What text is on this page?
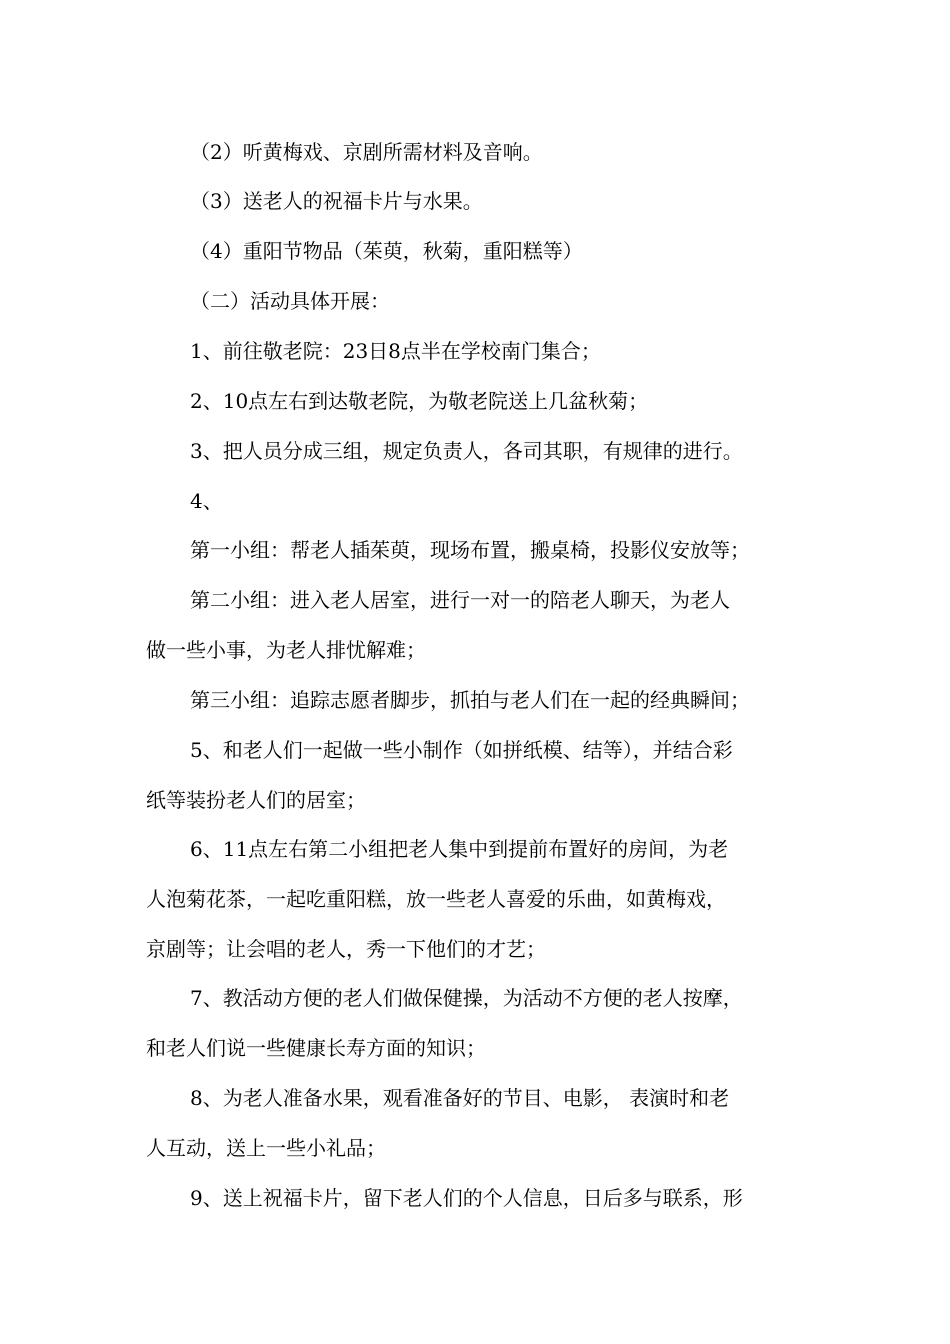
（2）听黄梅戏、京剧所需材料及音响。
（3）送老人的祝福卡片与水果。
（4）重阳节物品（茱萸，秋菊，重阳糕等）
（二）活动具体开展：
1、前往敬老院：23日8点半在学校南门集合；
2、10点左右到达敬老院，为敬老院送上几盆秋菊；
3、把人员分成三组，规定负责人，各司其职，有规律的进行。
4、
第一小组：帮老人插茱萸，现场布置，搬桌椅，投影仪安放等；
第二小组：进入老人居室，进行一对一的陪老人聊天，为老人
做一些小事，为老人排忧解难；
第三小组：追踪志愿者脚步，抓拍与老人们在一起的经典瞬间；
5、和老人们一起做一些小制作（如拼纸模、结等），并结合彩
纸等装扮老人们的居室；
6、11点左右第二小组把老人集中到提前布置好的房间，为老
人泡菊花茶，一起吃重阳糕，放一些老人喜爱的乐曲，如黄梅戏，
京剧等；让会唱的老人，秀一下他们的才艺；
7、教活动方便的老人们做保健操，为活动不方便的老人按摩，
和老人们说一些健康长寿方面的知识；
8、为老人准备水果，观看准备好的节目、电影， 表演时和老
人互动，送上一些小礼品；
9、送上祝福卡片，留下老人们的个人信息，日后多与联系，形
